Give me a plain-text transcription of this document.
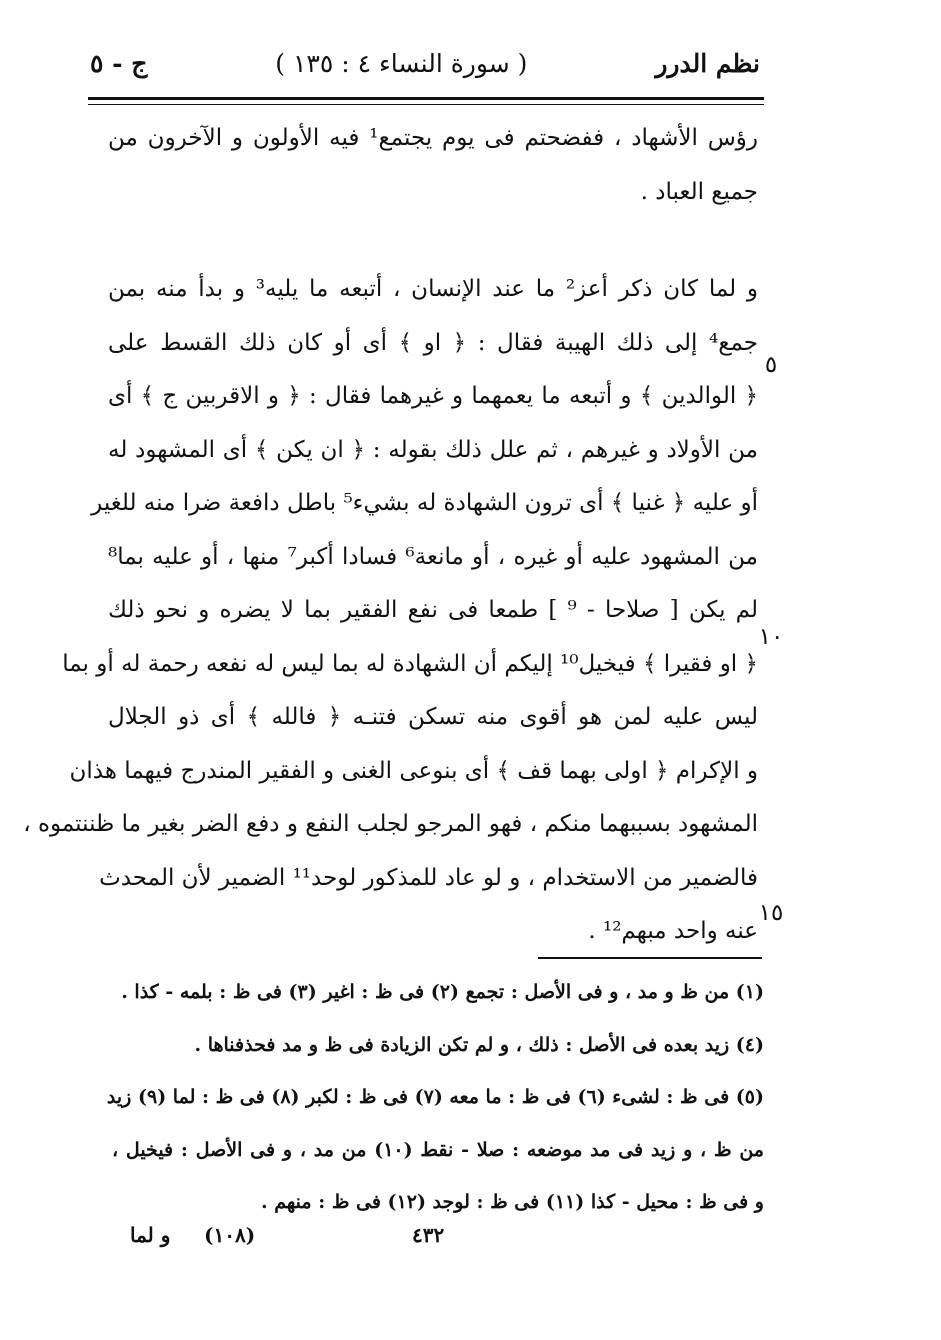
نظم الدرر
( سورة النساء ٤ : ١٣٥ )
ج - ٥
رؤس الأشهاد ، ففضحتم فى يوم يجتمع¹ فيه الأولون و الآخرون من
جميع العباد .
و لما كان ذكر أعز² ما عند الإنسان ، أتبعه ما يليه³ و بدأ منه بمن
جمع⁴ إلى ذلك الهيبة فقال : ﴿ او ﴾ أى أو كان ذلك القسط على
﴿ الوالدين ﴾ و أتبعه ما يعمهما و غيرهما فقال : ﴿ و الاقربين ج ﴾ أى
من الأولاد و غيرهم ، ثم علل ذلك بقوله : ﴿ ان يكن ﴾ أى المشهود له
أو عليه ﴿ غنيا ﴾ أى ترون الشهادة له بشيء⁵ باطل دافعة ضرا منه للغير
من المشهود عليه أو غيره ، أو مانعة⁶ فسادا أكبر⁷ منها ، أو عليه بما⁸
لم يكن [ صلاحا - ⁹ ] طمعا فى نفع الفقير بما لا يضره و نحو ذلك
﴿ او فقيرا ﴾ فيخيل¹⁰ إليكم أن الشهادة له بما ليس له نفعه رحمة له أو بما
ليس عليه لمن هو أقوى منه تسكن فتنـه ﴿ فالله ﴾ أى ذو الجلال
و الإكرام ﴿ اولى بهما قف ﴾ أى بنوعى الغنى و الفقير المندرج فيهما هذان
المشهود بسببهما منكم ، فهو المرجو لجلب النفع و دفع الضر بغير ما ظننتموه ،
فالضمير من الاستخدام ، و لو عاد للمذكور لوحد¹¹ الضمير لأن المحدث
عنه واحد مبهم¹² .
٥
١٠
١٥
(١) من ظ و مد ، و فى الأصل : تجمع (٢) فى ظ : اغير (٣) فى ظ : بلمه - كذا .
(٤) زيد بعده فى الأصل : ذلك ، و لم تكن الزيادة فى ظ و مد فحذفناها .
(٥) فى ظ : لشىء (٦) فى ظ : ما معه (٧) فى ظ : لكبر (٨) فى ظ : لما (٩) زيد
من ظ ، و زيد فى مد موضعه : صلا - نقط (١٠) من مد ، و فى الأصل : فيخيل ،
و فى ظ : محيل - كذا (١١) فى ظ : لوجد (١٢) فى ظ : منهم .
و لما (١٠٨)	٤٣٢
